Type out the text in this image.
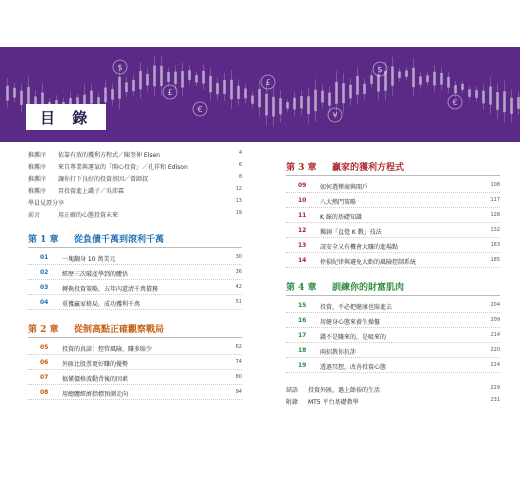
$
€
£
¥
$
€
£
目 錄
推薦序 依靠有效的獲利方程式／陳奎伸 Elsen	4
推薦序 來自專業與運氣的「開心投資」／孔祥和 Edison	6
推薦序 讓你打下良好的投資基因／曾師叔	8
推薦序 晉投資進上錢子／吳沛霖	12
學員見證分享	13
前言	用正確的心態投資未來	19
第 1 章 從負債千萬到滾利千萬
01 一塊翻身 10 萬美元	30
02 經歷三次破產學到的體悟	36
03 轉換投資策略，五年內還清千萬債務	42
04 重獲贏家格局，成功獲利千萬	51
第 2 章 從制高點正確觀察戰局
05 投資的真諦：控管風險、賺多賠少	62
06 外匯比股票更好賺的優勢	74
07 搞懂價格波動背後的因素	80
08 用總體經濟指標預測走向	94
第 3 章 贏家的獲利方程式
09 如何選擇商與開戶	108
10 八大熱門策略	117
11 K 線的基礎知識	128
12 獨創「直覺 K 戰」技法	132
13 該安全又有機會大賺的進場點	163
14 停損紀律與避免大虧的風險控制系統	185
第 4 章 訓練你的財富肌肉
15 投資，不必把健康也賠進去	204
16 用健身心態來養生操盤	209
17 錢不是賺來的，是吸來的	214
18 兩招教你抗詐	220
19 透過冥想，改善投資心態	224
結語 投資外匯，過上餘裕的生活	229
附錄 MT5 平台基礎教學	231
